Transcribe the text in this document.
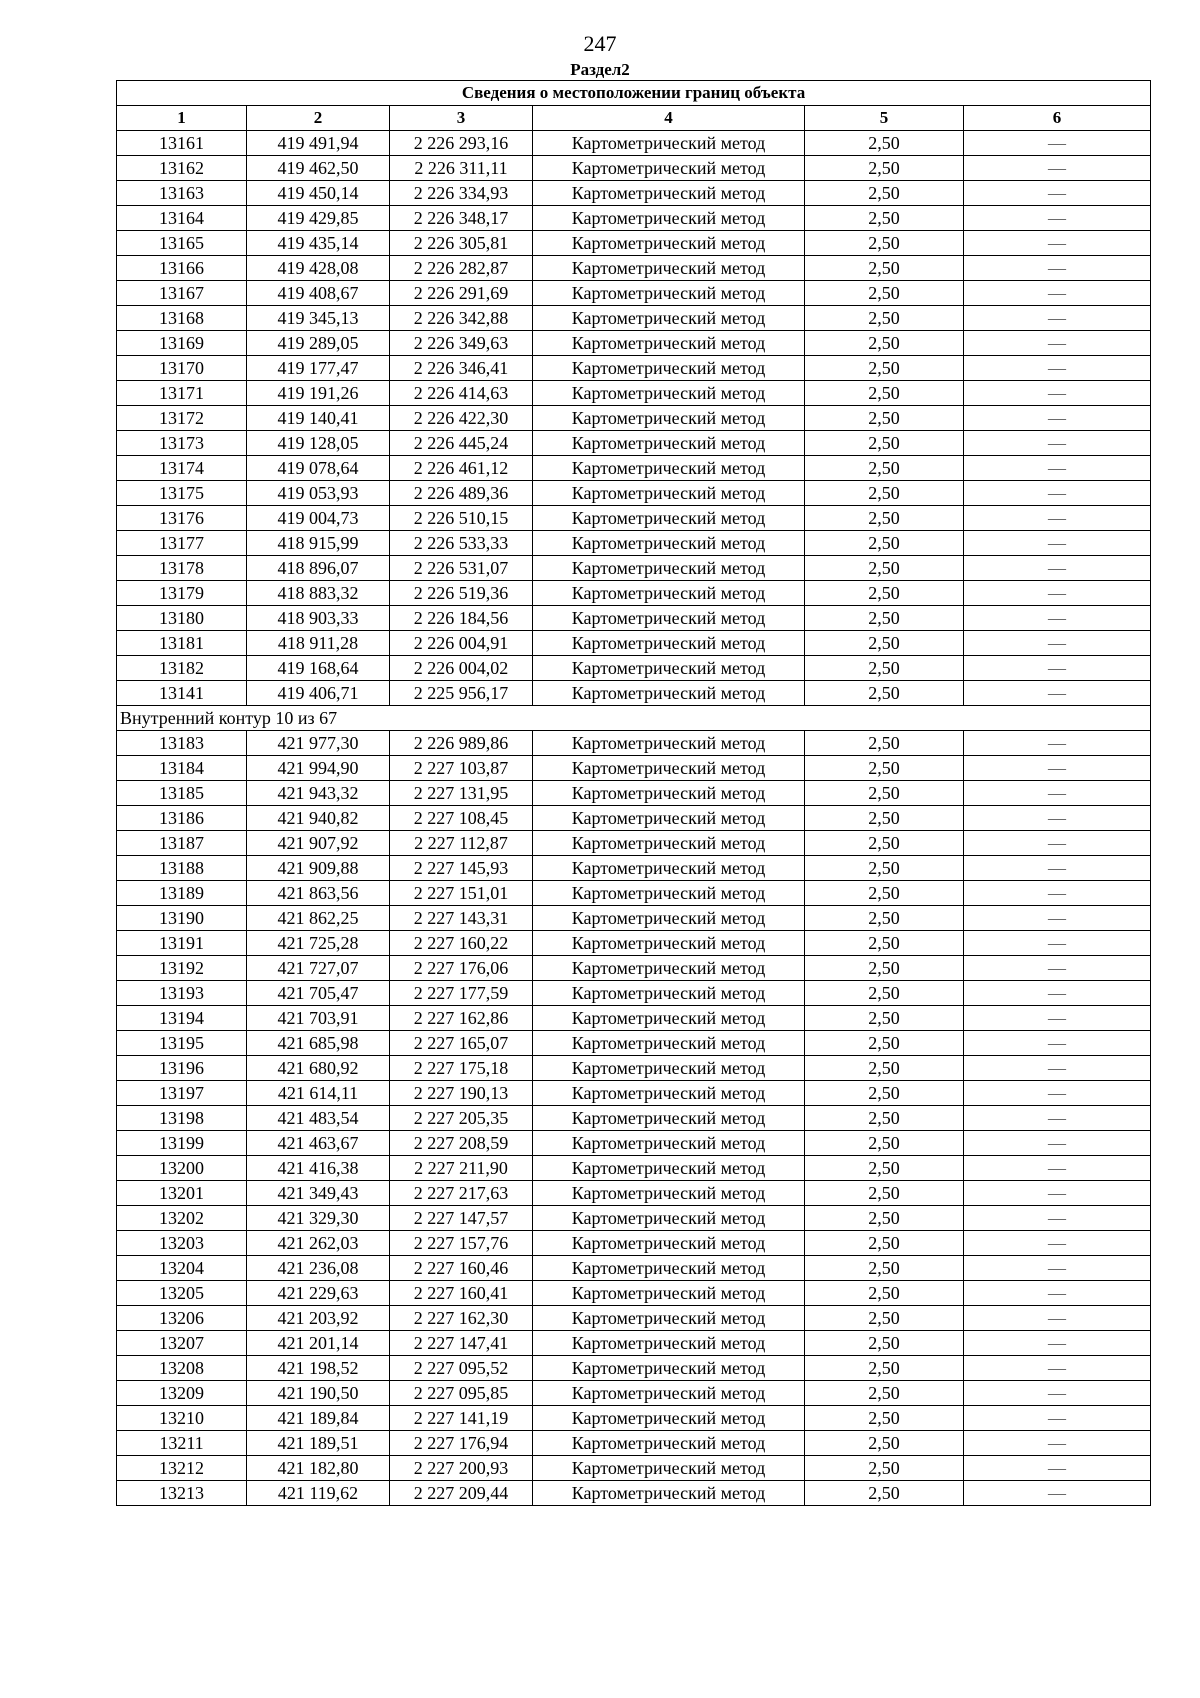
247
Раздел2
Сведения о местоположении границ объекта					
1	2	3	4	5	6
13161	419 491,94	2 226 293,16	Картометрический метод	2,50	—
13162	419 462,50	2 226 311,11	Картометрический метод	2,50	—
13163	419 450,14	2 226 334,93	Картометрический метод	2,50	—
13164	419 429,85	2 226 348,17	Картометрический метод	2,50	—
13165	419 435,14	2 226 305,81	Картометрический метод	2,50	—
13166	419 428,08	2 226 282,87	Картометрический метод	2,50	—
13167	419 408,67	2 226 291,69	Картометрический метод	2,50	—
13168	419 345,13	2 226 342,88	Картометрический метод	2,50	—
13169	419 289,05	2 226 349,63	Картометрический метод	2,50	—
13170	419 177,47	2 226 346,41	Картометрический метод	2,50	—
13171	419 191,26	2 226 414,63	Картометрический метод	2,50	—
13172	419 140,41	2 226 422,30	Картометрический метод	2,50	—
13173	419 128,05	2 226 445,24	Картометрический метод	2,50	—
13174	419 078,64	2 226 461,12	Картометрический метод	2,50	—
13175	419 053,93	2 226 489,36	Картометрический метод	2,50	—
13176	419 004,73	2 226 510,15	Картометрический метод	2,50	—
13177	418 915,99	2 226 533,33	Картометрический метод	2,50	—
13178	418 896,07	2 226 531,07	Картометрический метод	2,50	—
13179	418 883,32	2 226 519,36	Картометрический метод	2,50	—
13180	418 903,33	2 226 184,56	Картометрический метод	2,50	—
13181	418 911,28	2 226 004,91	Картометрический метод	2,50	—
13182	419 168,64	2 226 004,02	Картометрический метод	2,50	—
13141	419 406,71	2 225 956,17	Картометрический метод	2,50	—
Внутренний контур 10 из 67					
13183	421 977,30	2 226 989,86	Картометрический метод	2,50	—
13184	421 994,90	2 227 103,87	Картометрический метод	2,50	—
13185	421 943,32	2 227 131,95	Картометрический метод	2,50	—
13186	421 940,82	2 227 108,45	Картометрический метод	2,50	—
13187	421 907,92	2 227 112,87	Картометрический метод	2,50	—
13188	421 909,88	2 227 145,93	Картометрический метод	2,50	—
13189	421 863,56	2 227 151,01	Картометрический метод	2,50	—
13190	421 862,25	2 227 143,31	Картометрический метод	2,50	—
13191	421 725,28	2 227 160,22	Картометрический метод	2,50	—
13192	421 727,07	2 227 176,06	Картометрический метод	2,50	—
13193	421 705,47	2 227 177,59	Картометрический метод	2,50	—
13194	421 703,91	2 227 162,86	Картометрический метод	2,50	—
13195	421 685,98	2 227 165,07	Картометрический метод	2,50	—
13196	421 680,92	2 227 175,18	Картометрический метод	2,50	—
13197	421 614,11	2 227 190,13	Картометрический метод	2,50	—
13198	421 483,54	2 227 205,35	Картометрический метод	2,50	—
13199	421 463,67	2 227 208,59	Картометрический метод	2,50	—
13200	421 416,38	2 227 211,90	Картометрический метод	2,50	—
13201	421 349,43	2 227 217,63	Картометрический метод	2,50	—
13202	421 329,30	2 227 147,57	Картометрический метод	2,50	—
13203	421 262,03	2 227 157,76	Картометрический метод	2,50	—
13204	421 236,08	2 227 160,46	Картометрический метод	2,50	—
13205	421 229,63	2 227 160,41	Картометрический метод	2,50	—
13206	421 203,92	2 227 162,30	Картометрический метод	2,50	—
13207	421 201,14	2 227 147,41	Картометрический метод	2,50	—
13208	421 198,52	2 227 095,52	Картометрический метод	2,50	—
13209	421 190,50	2 227 095,85	Картометрический метод	2,50	—
13210	421 189,84	2 227 141,19	Картометрический метод	2,50	—
13211	421 189,51	2 227 176,94	Картометрический метод	2,50	—
13212	421 182,80	2 227 200,93	Картометрический метод	2,50	—
13213	421 119,62	2 227 209,44	Картометрический метод	2,50	—
